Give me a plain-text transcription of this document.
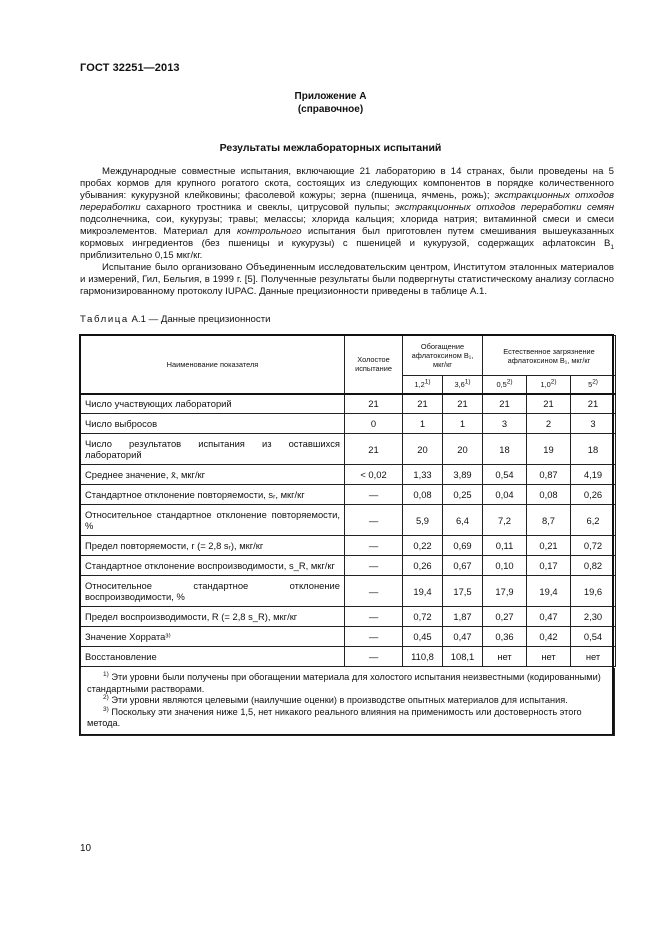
ГОСТ 32251—2013
Приложение А
(справочное)
Результаты межлабораторных испытаний

Международные совместные испытания, включающие 21 лабораторию в 14 странах, были проведены на 5 пробах кормов для крупного рогатого скота, состоящих из следующих компонентов в порядке количественного убывания: кукурузной клейковины; фасолевой кожуры; зерна (пшеница, ячмень, рожь); экстракционных отходов переработки сахарного тростника и свеклы, цитрусовой пульпы; экстракционных отходов переработки семян подсолнечника, сои, кукурузы; травы; мелассы; хлорида кальция; хлорида натрия; витаминной смеси и смеси микроэлементов. Материал для контрольного испытания был приготовлен путем смешивания вышеуказанных кормовых ингредиентов (без пшеницы и кукурузы) с пшеницей и кукурузой, содержащих афлатоксин $B_1$ приблизительно 0,15 мкг/кг.

Испытание было организовано Объединенным исследовательским центром, Институтом эталонных материалов и измерений, Гил, Бельгия, в 1999 г. [5]. Полученные результаты были подвергнуты статистическому анализу согласно гармонизированному протоколу IUPAC. Данные прецизионности приведены в таблице А.1.

Таблица А.1 — Данные прецизионности
Наименование показателя	Холостое испытание	Обогащение афлатоксином B₁, мкг/кг		Естественное загрязнение афлатоксином B₁, мкг/кг		
		1,2$^{1)}$	3,6$^{1)}$	0,5$^{2)}$	1,0$^{2)}$	5$^{2)}$
Число участвующих лабораторий	21	21	21	21	21	21
Число выбросов	0	1	1	3	2	3
Число результатов испытания из оставшихся лабораторий	21	20	20	18	19	18
Среднее значение, x̄, мкг/кг	< 0,02	1,33	3,89	0,54	0,87	4,19
Стандартное отклонение повторяемости, sᵣ, мкг/кг	—	0,08	0,25	0,04	0,08	0,26
Относительное стандартное отклонение повторяемости, %	—	5,9	6,4	7,2	8,7	6,2
Предел повторяемости, r (= 2,8 sᵣ), мкг/кг	—	0,22	0,69	0,11	0,21	0,72
Стандартное отклонение воспроизводимости, s_R, мкг/кг	—	0,26	0,67	0,10	0,17	0,82
Относительное стандартное отклонение воспроизводимости, %	—	19,4	17,5	17,9	19,4	19,6
Предел воспроизводимости, R (= 2,8 s_R), мкг/кг	—	0,72	1,87	0,27	0,47	2,30
Значение Хоррата³⁾	—	0,45	0,47	0,36	0,42	0,54
Восстановление	—	110,8	108,1	нет	нет	нет
$^{1)}$ Эти уровни были получены при обогащении материала для холостого испытания неизвестными (кодированными) стандартными растворами.
$^{2)}$ Эти уровни являются целевыми (наилучшие оценки) в производстве опытных материалов для испытания.
$^{3)}$ Поскольку эти значения ниже 1,5, нет никакого реального влияния на применимость или достоверность этого метода.
10
